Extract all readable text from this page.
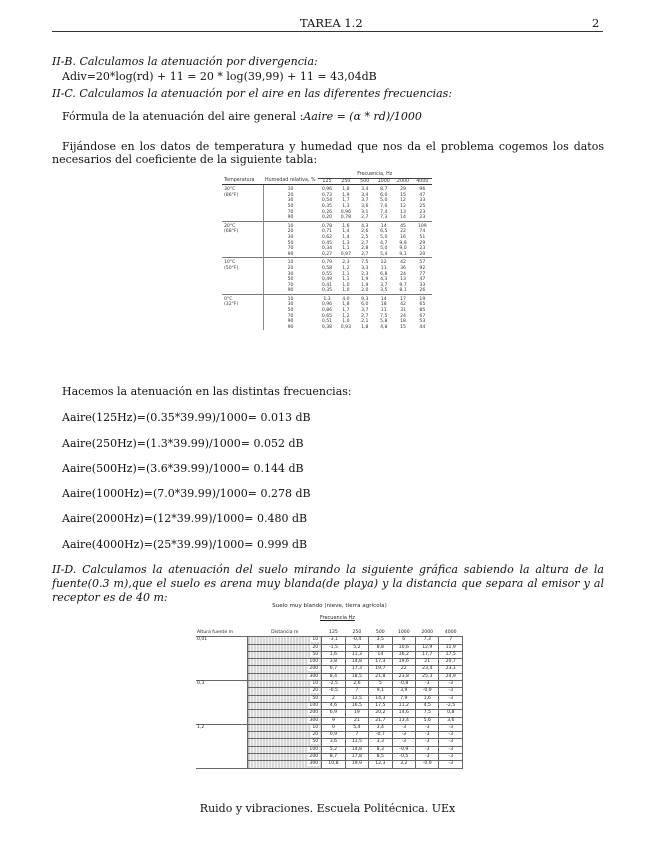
TAREA 1.2	2
II-B. Calculamos la atenuación por divergencia:
Adiv=20*log(rd) + 11 = 20 * log(39,99) + 11 = 43,04dB
II-C. Calculamos la atenuación por el aire en las diferentes frecuencias:
Fórmula de la atenuación del aire general :Aaire = (α * rd)/1000
Fijándose en los datos de temperatura y humedad que nos da el problema cogemos los datos necesarios del coeficiente de la siguiente tabla:
		Frecuencia, Hz					
Temperatura	Humedad relativa, %	125	250	500	1000	2000	4000

30°C
(86°F)	10	0,96	1,8	3,4	8,7	29	96
	20	0,73	1,9	3,4	6,0	15	47
	30	0,54	1,7	3,7	5,0	12	33
	50	0,35	1,3	3,6	7,0	12	25
	70	0,26	0,96	3,1	7,4	13	23
	90	0,20	0,78	2,7	7,3	14	23

20°C
(68°F)	10	0,78	1,6	4,3	14	45	109
	20	0,71	1,4	2,6	6,5	22	74
	30	0,62	1,4	2,5	5,0	16	51
	50	0,45	1,3	2,7	4,7	9,9	29
	70	0,34	1,1	2,8	5,0	9,0	23
	90	0,27	0,97	2,7	5,4	9,1	20

10°C
(50°F)	10	0,79	2,3	7,5	22	42	57
	20	0,58	1,2	3,3	11	36	92
	30	0,55	1,1	2,3	6,8	24	77
	50	0,49	1,1	1,9	4,3	13	47
	70	0,41	1,0	1,9	3,7	9,7	33
	90	0,35	1,0	2,0	3,5	8,1	26

0°C
(32°F)	10	1,3	4,0	9,3	14	17	19
	30	0,96	1,8	6,0	18	42	65
	50	0,86	1,7	3,7	11	31	85
	70	0,65	1,2	2,7	7,5	24	67
	90	0,51	1,0	2,1	5,8	18	53
	90	0,38	0,93	1,8	4,8	15	44
Hacemos la atenuación en las distintas frecuencias:
Aaire(125Hz)=(0.35*39.99)/1000= 0.013 dB
Aaire(250Hz)=(1.3*39.99)/1000= 0.052 dB
Aaire(500Hz)=(3.6*39.99)/1000= 0.144 dB
Aaire(1000Hz)=(7.0*39.99)/1000= 0.278 dB
Aaire(2000Hz)=(12*39.99)/1000= 0.480 dB
Aaire(4000Hz)=(25*39.99)/1000= 0.999 dB
II-D. Calculamos la atenuación del suelo mirando la siguiente gráfica sabiendo la altura de la fuente(0.3 m),que el suelo es arena muy blanda(de playa) y la distancia que separa al emisor y al receptor es de 40 m:
Suelo muy blando (nieve, tierra agrícola)
Frecuencia Hz
Altura fuente m	Distancia m	125	250	500	1000	2000	4000
0,01	10	-3,1	-0,4	3,5	6	7,3	7
	20	-1,5	5,2	8,8	10,6	12,9	11,9
	50	1,6	11,3	14	16,2	17,7	17,5
	100	3,8	14,8	17,3	19,6	21	20,7
	200	6,7	17,3	19,7	22	23,4	23,1
	300	8,4	18,5	21,8	23,8	25,3	24,9
0,3	10	-2,5	2,6	5	-0,8	-3	-3
	20	-0,5	7	9,1	3,9	-0,9	-3
	50	2	12,5	14,3	7,9	1,6	-3
	100	4,6	16,5	17,5	11,2	4,5	-2,5
	200	6,9	19	20,2	14,6	7,5	0,8
	300	9	21	21,7	13,4	5,6	3,6
1,2	10	0	5,4	3,4	-3	-3	-3
	20	0,9	7	-0,7	-3	-3	-3
	50	3,6	11,5	3,3	-3	-3	-3
	100	5,2	14,8	8,3	-0,9	-3	-3
	200	8,7	17,8	8,5	-0,5	-3	-3
	300	10,8	19,9	12,3	3,2	-0,9	-3
Ruido y vibraciones. Escuela Politécnica. UEx
